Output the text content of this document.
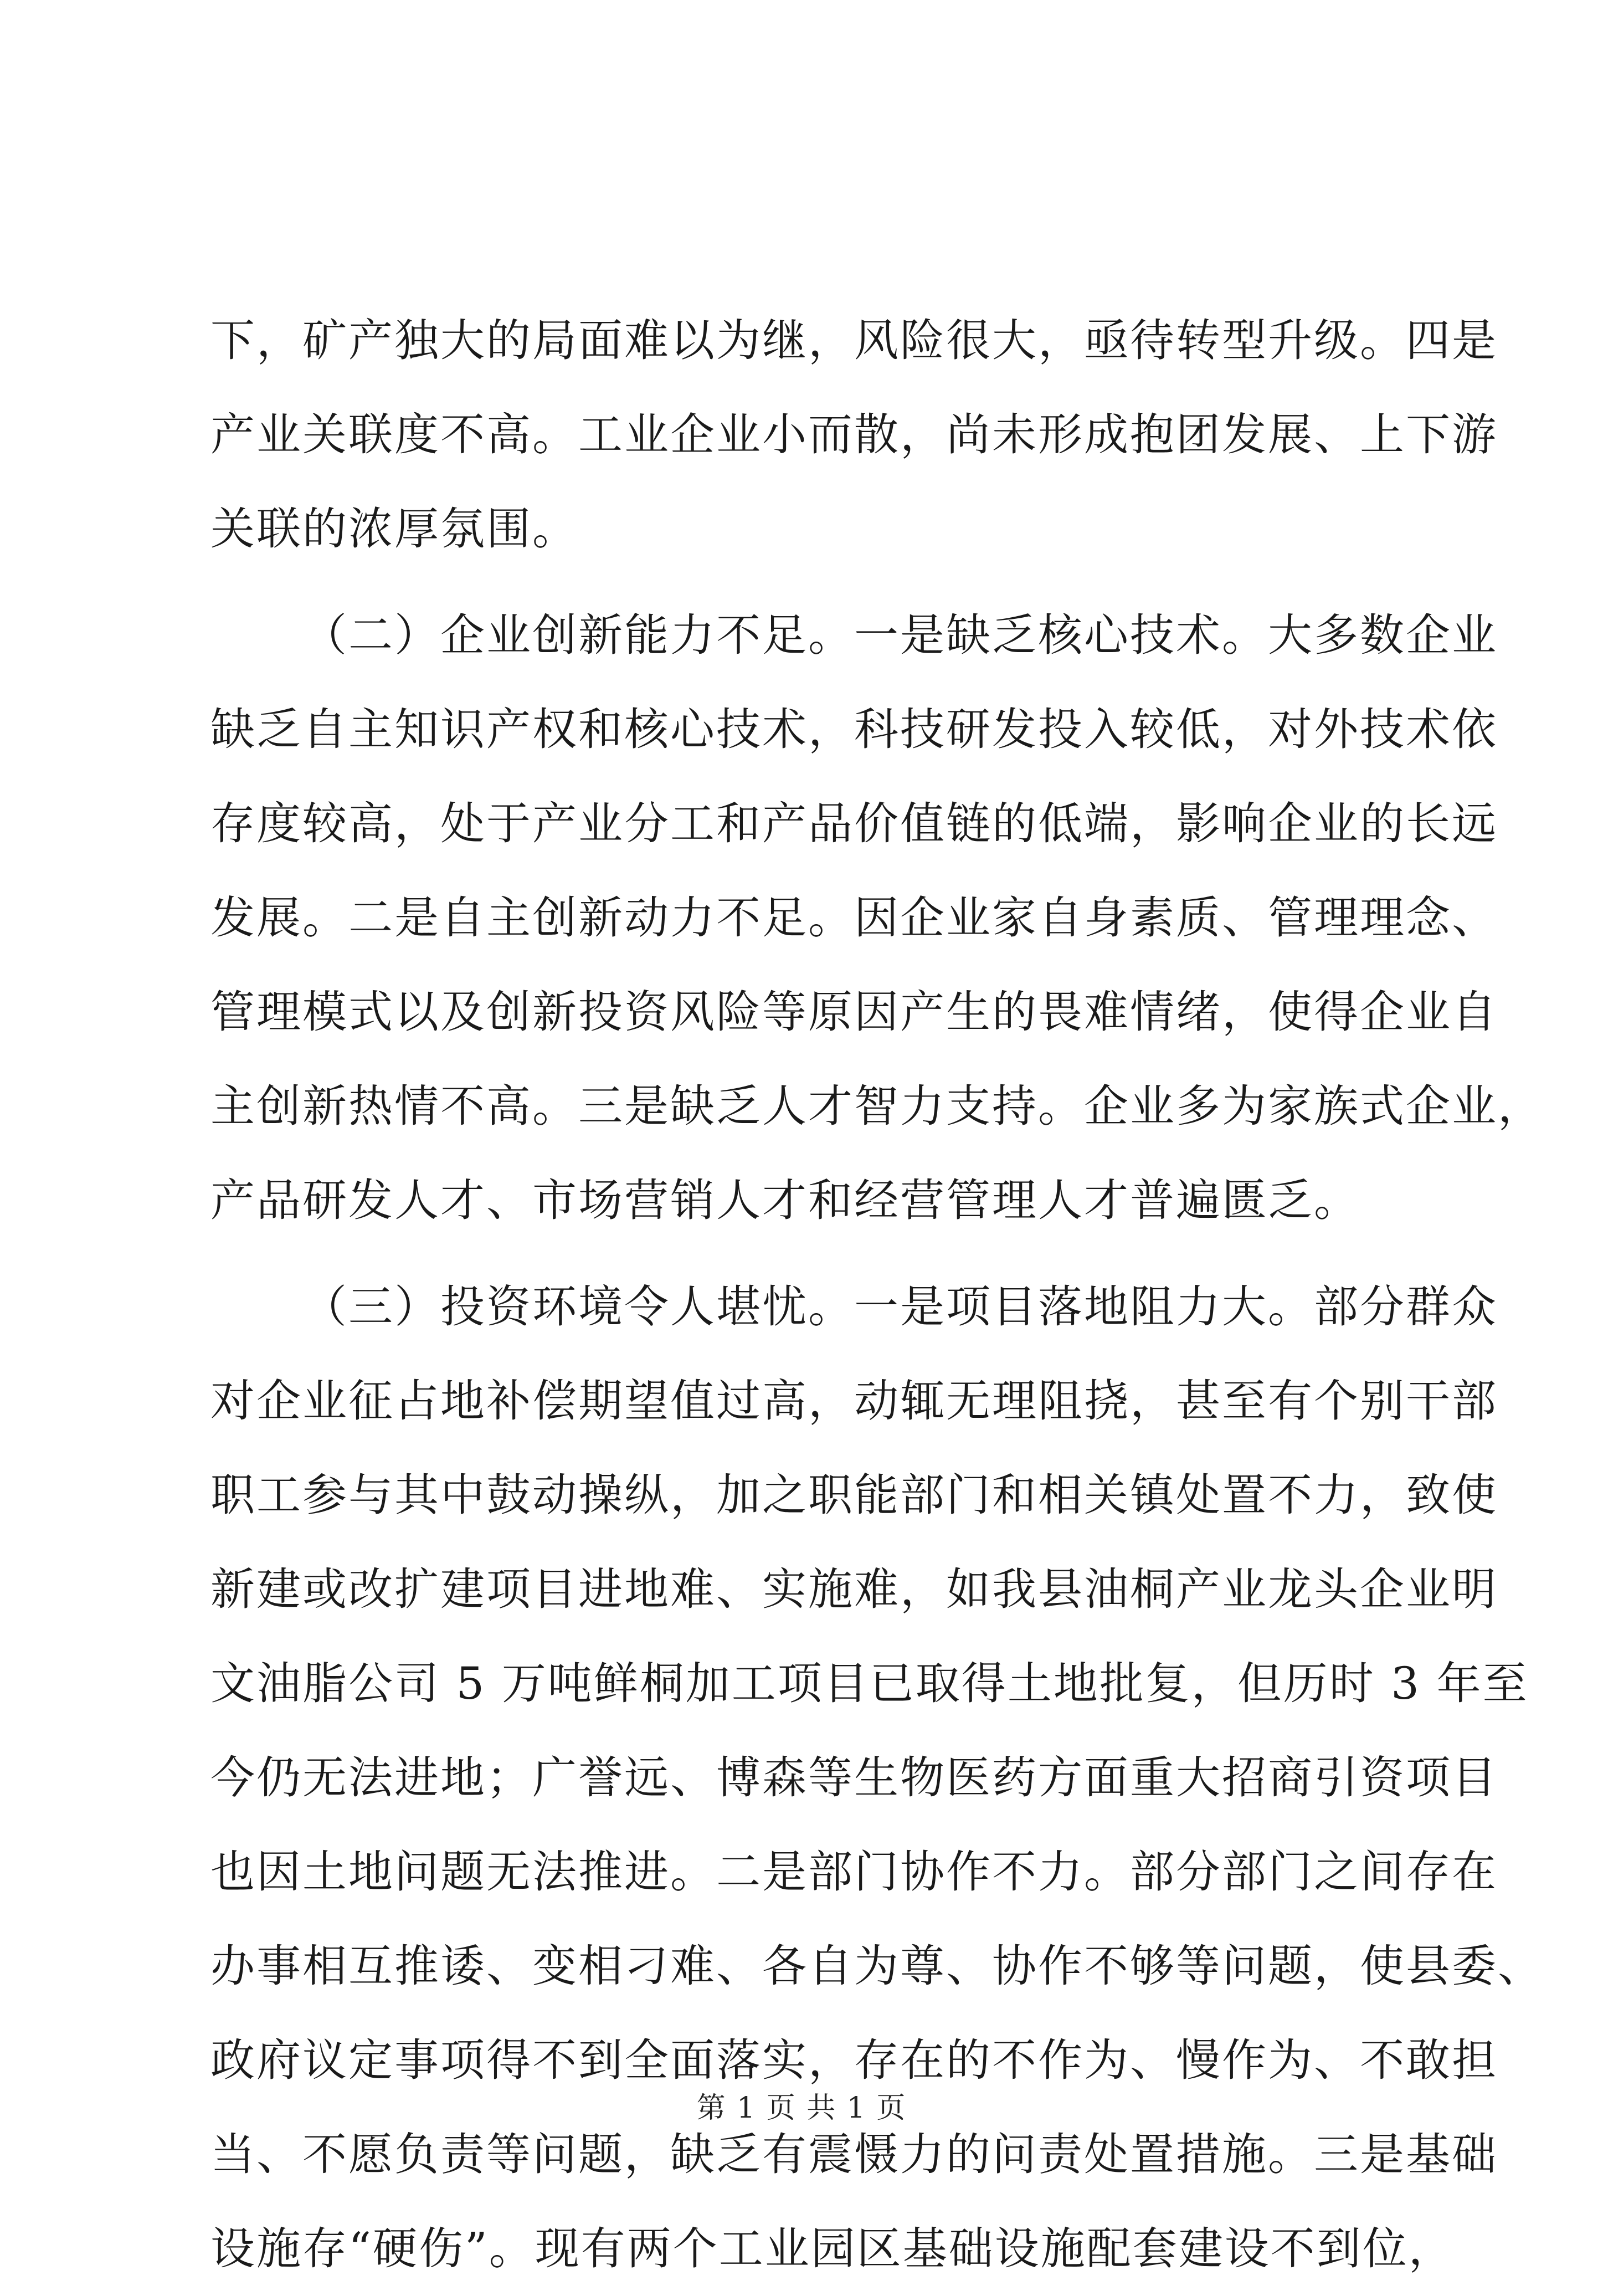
下，矿产独大的局面难以为继，风险很大，亟待转型升级。四是
产业关联度不高。工业企业小而散，尚未形成抱团发展、上下游
关联的浓厚氛围。
（二）企业创新能力不足。一是缺乏核心技术。大多数企业
缺乏自主知识产权和核心技术，科技研发投入较低，对外技术依
存度较高，处于产业分工和产品价值链的低端，影响企业的长远
发展。二是自主创新动力不足。因企业家自身素质、管理理念、
管理模式以及创新投资风险等原因产生的畏难情绪，使得企业自
主创新热情不高。三是缺乏人才智力支持。企业多为家族式企业，
产品研发人才、市场营销人才和经营管理人才普遍匮乏。
（三）投资环境令人堪忧。一是项目落地阻力大。部分群众
对企业征占地补偿期望值过高，动辄无理阻挠，甚至有个别干部
职工参与其中鼓动操纵，加之职能部门和相关镇处置不力，致使
新建或改扩建项目进地难、实施难，如我县油桐产业龙头企业明
文油脂公司 5 万吨鲜桐加工项目已取得土地批复，但历时 3 年至
今仍无法进地；广誉远、博森等生物医药方面重大招商引资项目
也因土地问题无法推进。二是部门协作不力。部分部门之间存在
办事相互推诿、变相刁难、各自为尊、协作不够等问题，使县委、
政府议定事项得不到全面落实，存在的不作为、慢作为、不敢担
当、不愿负责等问题，缺乏有震慑力的问责处置措施。三是基础
设施存“硬伤”。现有两个工业园区基础设施配套建设不到位，
第 1 页 共 1 页
